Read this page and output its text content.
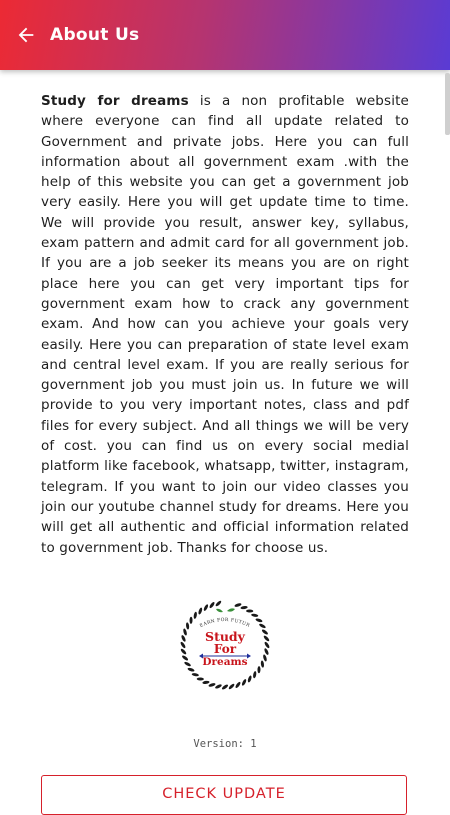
About Us

Study for dreams is a non profitable website where everyone can find all update related to Government and private jobs. Here you can full information about all government exam .with the help of this website you can get a government job very easily. Here you will get update time to time. We will provide you result, answer key, syllabus, exam pattern and admit card for all government job. If you are a job seeker its means you are on right place here you can get very important tips for government exam how to crack any government exam. And how can you achieve your goals very easily. Here you can preparation of state level exam and central level exam. If you are really serious for government job you must join us. In future we will provide to you very important notes, class and pdf files for every subject. And all things we will be very of cost. you can find us on every social medial platform like facebook, whatsapp, twitter, instagram, telegram. If you want to join our video classes you join our youtube channel study for dreams. Here you will get all authentic and official information related to government job. Thanks for choose us.

EARN FOR FUTUR
Study
For
Dreams
Version: 1
CHECK UPDATE
